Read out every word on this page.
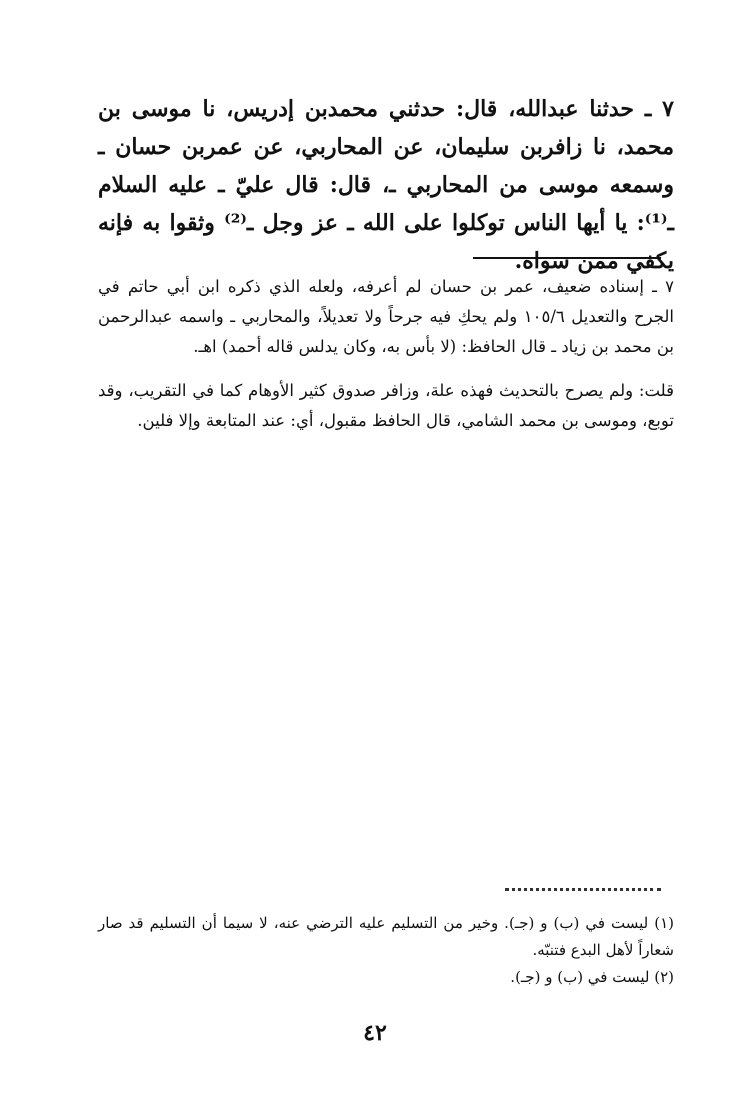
٧ ـ حدثنا عبدالله، قال: حدثني محمدبن إدريس، نا موسى بن محمد، نا زافربن سليمان، عن المحاربي، عن عمربن حسان ـ وسمعه موسى من المحاربي ـ، قال: قال عليّ ـ عليه السلام ـ⁽¹⁾: يا أيها الناس توكلوا على الله ـ عز وجل ـ⁽²⁾ وثقوا به فإنه يكفي ممن سواه.

٧ ـ إسناده ضعيف، عمر بن حسان لم أعرفه، ولعله الذي ذكره ابن أبي حاتم في الجرح والتعديل ١٠٥/٦ ولم يحكِ فيه جرحاً ولا تعديلاً، والمحاربي ـ واسمه عبدالرحمن بن محمد بن زياد ـ قال الحافظ: (لا بأس به، وكان يدلس قاله أحمد) اهـ.

قلت: ولم يصرح بالتحديث فهذه علة، وزافر صدوق كثير الأوهام كما في التقريب، وقد توبع، وموسى بن محمد الشامي، قال الحافظ مقبول، أي: عند المتابعة وإلا فلين.

(١) ليست في (ب) و (جـ). وخير من التسليم عليه الترضي عنه، لا سيما أن التسليم قد صار شعاراً لأهل البدع فتنبّه.

(٢) ليست في (ب) و (جـ).

٤٢
